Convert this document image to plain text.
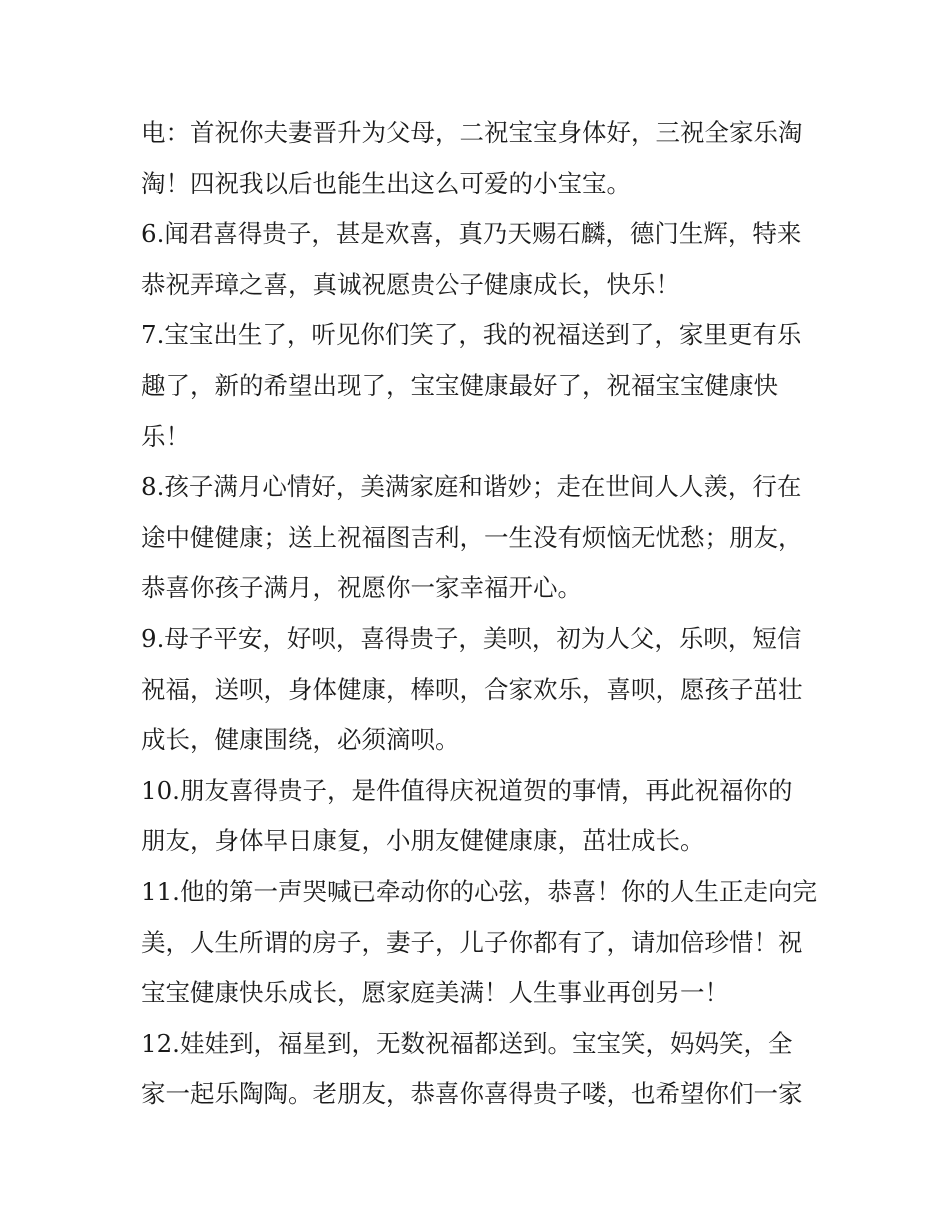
电：首祝你夫妻晋升为父母，二祝宝宝身体好，三祝全家乐淘
淘！四祝我以后也能生出这么可爱的小宝宝。
6.闻君喜得贵子，甚是欢喜，真乃天赐石麟，德门生辉，特来
恭祝弄璋之喜，真诚祝愿贵公子健康成长，快乐！
7.宝宝出生了，听见你们笑了，我的祝福送到了，家里更有乐
趣了，新的希望出现了，宝宝健康最好了，祝福宝宝健康快
乐！
8.孩子满月心情好，美满家庭和谐妙；走在世间人人羡，行在
途中健健康；送上祝福图吉利，一生没有烦恼无忧愁；朋友，
恭喜你孩子满月，祝愿你一家幸福开心。
9.母子平安，好呗，喜得贵子，美呗，初为人父，乐呗，短信
祝福，送呗，身体健康，棒呗，合家欢乐，喜呗，愿孩子茁壮
成长，健康围绕，必须滴呗。
10.朋友喜得贵子，是件值得庆祝道贺的事情，再此祝福你的
朋友，身体早日康复，小朋友健健康康，茁壮成长。
11.他的第一声哭喊已牵动你的心弦，恭喜！你的人生正走向完
美，人生所谓的房子，妻子，儿子你都有了，请加倍珍惜！祝
宝宝健康快乐成长，愿家庭美满！人生事业再创另一！
12.娃娃到，福星到，无数祝福都送到。宝宝笑，妈妈笑，全
家一起乐陶陶。老朋友，恭喜你喜得贵子喽，也希望你们一家
